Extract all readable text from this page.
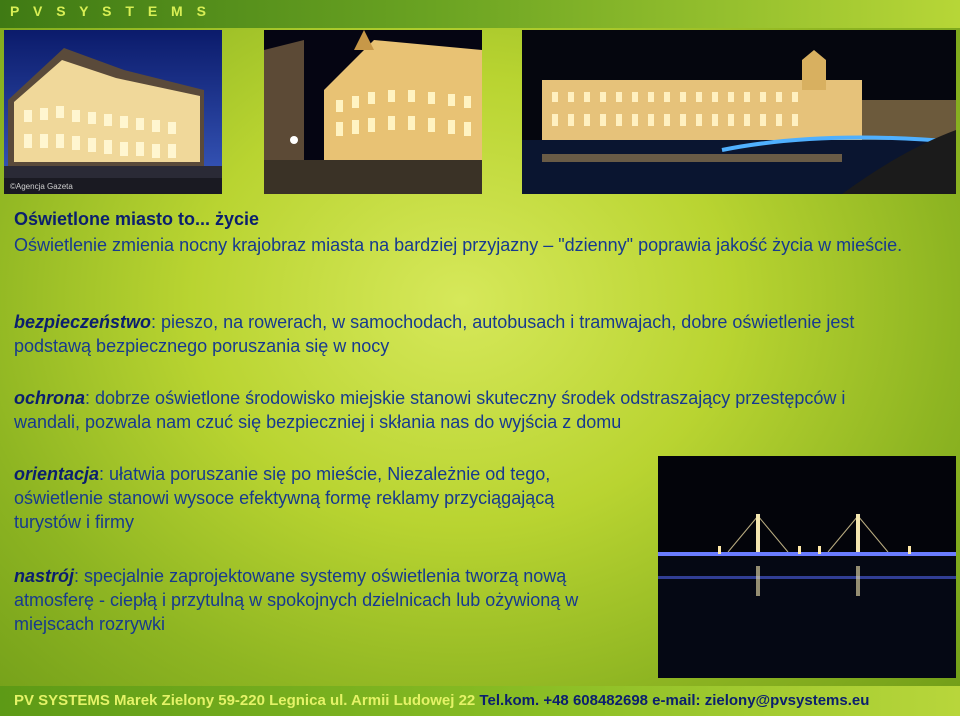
P V S Y S T E M S
©Agencja Gazeta
Oświetlone miasto to... życie
Oświetlenie zmienia nocny krajobraz miasta na bardziej przyjazny – "dzienny" poprawia jakość życia w mieście.
bezpieczeństwo: pieszo, na rowerach, w samochodach, autobusach i tramwajach, dobre oświetlenie jest podstawą bezpiecznego poruszania się w nocy
ochrona: dobrze oświetlone środowisko miejskie stanowi skuteczny środek odstraszający przestępców i wandali, pozwala nam czuć się bezpieczniej i skłania nas do wyjścia z domu
orientacja: ułatwia poruszanie się po mieście, Niezależnie od tego, oświetlenie stanowi wysoce efektywną formę reklamy przyciągającą turystów i firmy
nastrój: specjalnie zaprojektowane systemy oświetlenia tworzą nową atmosferę - ciepłą i przytulną w spokojnych dzielnicach lub ożywioną w miejscach rozrywki
PV SYSTEMS Marek Zielony 59-220 Legnica ul. Armii Ludowej 22 Tel.kom. +48 608482698 e-mail: zielony@pvsystems.eu
